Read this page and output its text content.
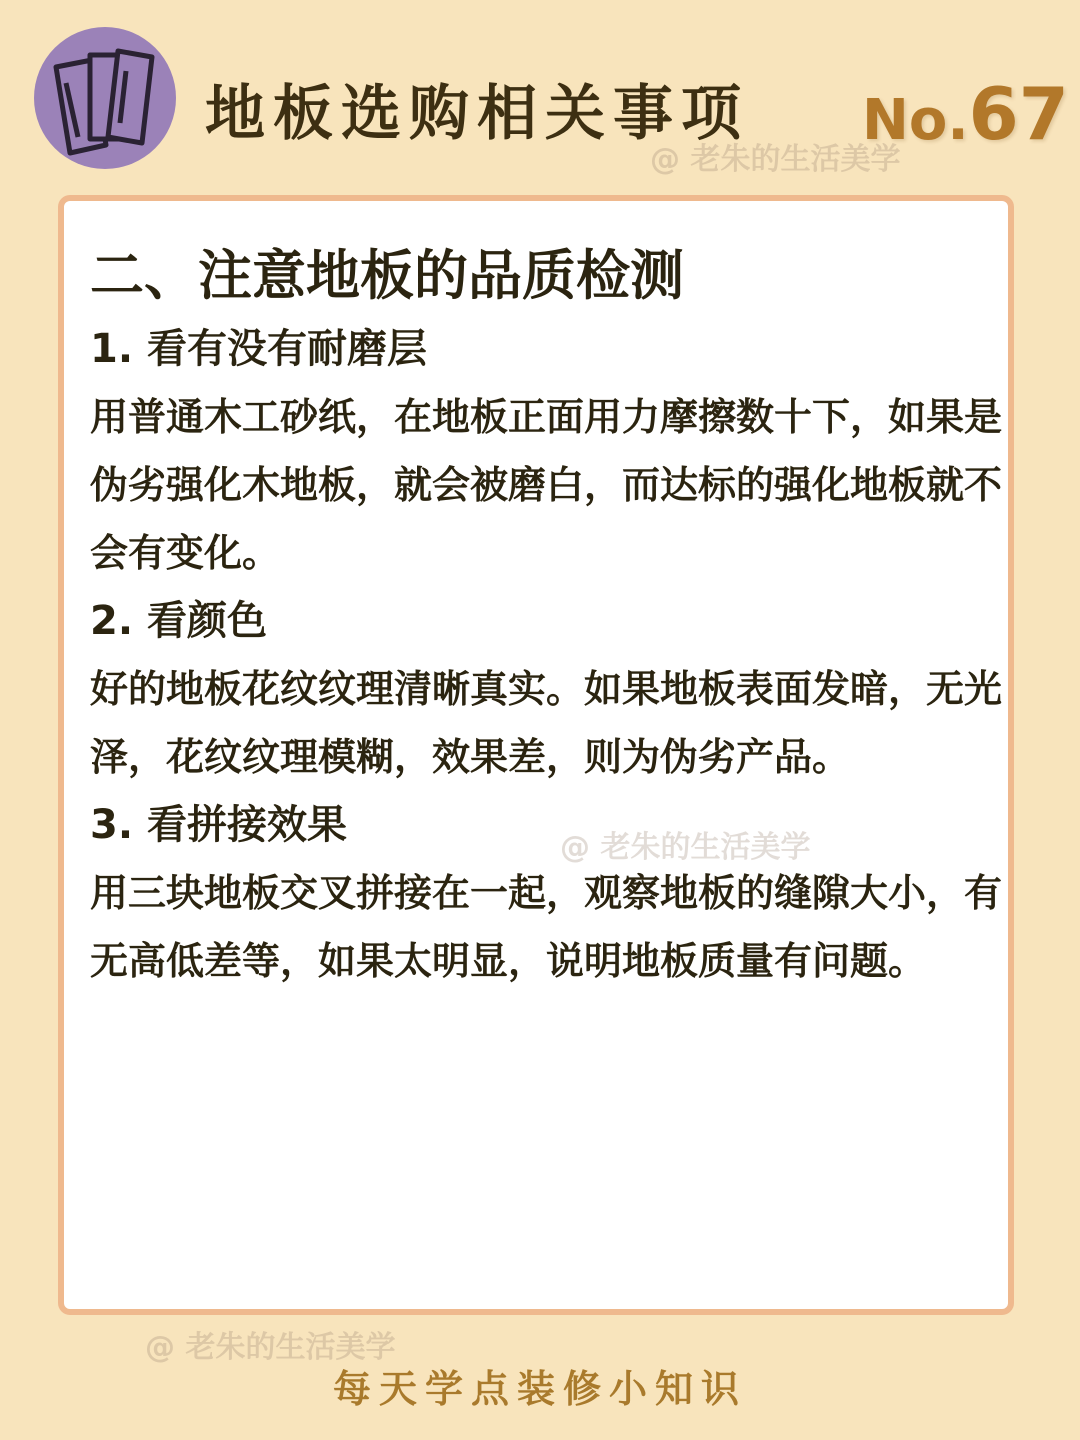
地板选购相关事项 No.67
@ 老朱的生活美学
二、注意地板的品质检测
1. 看有没有耐磨层
用普通木工砂纸，在地板正面用力摩擦数十下，如果是伪劣强化木地板，就会被磨白，而达标的强化地板就不会有变化。
2. 看颜色
好的地板花纹纹理清晰真实。如果地板表面发暗，无光泽，花纹纹理模糊，效果差，则为伪劣产品。
3. 看拼接效果
用三块地板交叉拼接在一起，观察地板的缝隙大小，有无高低差等，如果太明显，说明地板质量有问题。
@ 老朱的生活美学
@ 老朱的生活美学
每天学点装修小知识
